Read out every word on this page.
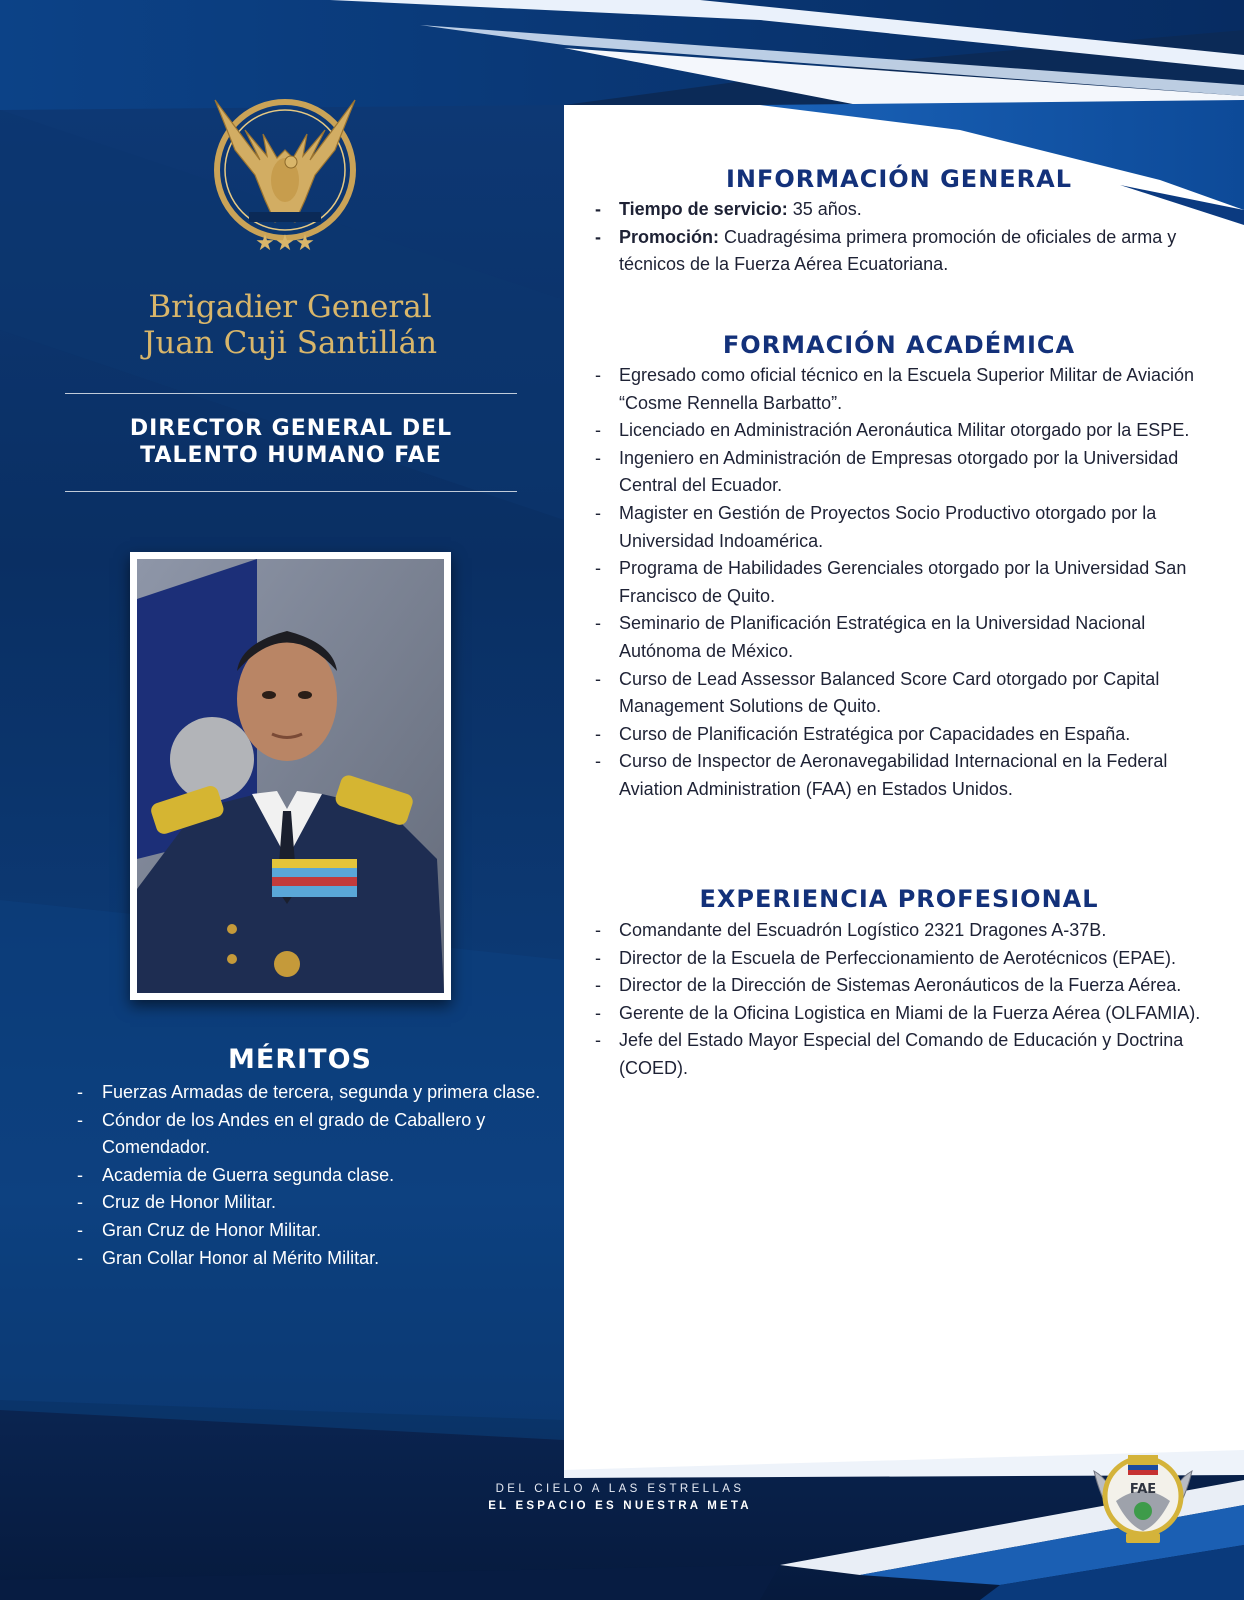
★ ★ ★
Brigadier General
Juan Cuji Santillán
DIRECTOR GENERAL DEL
TALENTO HUMANO FAE
MÉRITOS
- Fuerzas Armadas de tercera, segunda y primera clase.
- Cóndor de los Andes en el grado de Caballero y Comendador.
- Academia de Guerra segunda clase.
- Cruz de Honor Militar.
- Gran Cruz de Honor Militar.
- Gran Collar Honor al Mérito Militar.
INFORMACIÓN GENERAL
- Tiempo de servicio: 35 años.
- Promoción: Cuadragésima primera promoción de oficiales de arma y técnicos de la Fuerza Aérea Ecuatoriana.
FORMACIÓN ACADÉMICA
- Egresado como oficial técnico en la Escuela Superior Militar de Aviación “Cosme Rennella Barbatto”.
- Licenciado en Administración Aeronáutica Militar otorgado por la ESPE.
- Ingeniero en Administración de Empresas otorgado por la Universidad Central del Ecuador.
- Magister en Gestión de Proyectos Socio Productivo otorgado por la Universidad Indoamérica.
- Programa de Habilidades Gerenciales otorgado por la Universidad San Francisco de Quito.
- Seminario de Planificación Estratégica en la Universidad Nacional Autónoma de México.
- Curso de Lead Assessor Balanced Score Card otorgado por Capital Management Solutions de Quito.
- Curso de Planificación Estratégica por Capacidades en España.
- Curso de Inspector de Aeronavegabilidad Internacional en la Federal Aviation Administration (FAA) en Estados Unidos.
EXPERIENCIA PROFESIONAL
- Comandante del Escuadrón Logístico 2321 Dragones A-37B.
- Director de la Escuela de Perfeccionamiento de Aerotécnicos (EPAE).
- Director de la Dirección de Sistemas Aeronáuticos de la Fuerza Aérea.
- Gerente de la Oficina Logistica en Miami de la Fuerza Aérea (OLFAMIA).
- Jefe del Estado Mayor Especial del Comando de Educación y Doctrina (COED).
DEL CIELO A LAS ESTRELLAS
EL ESPACIO ES NUESTRA META
FAE
